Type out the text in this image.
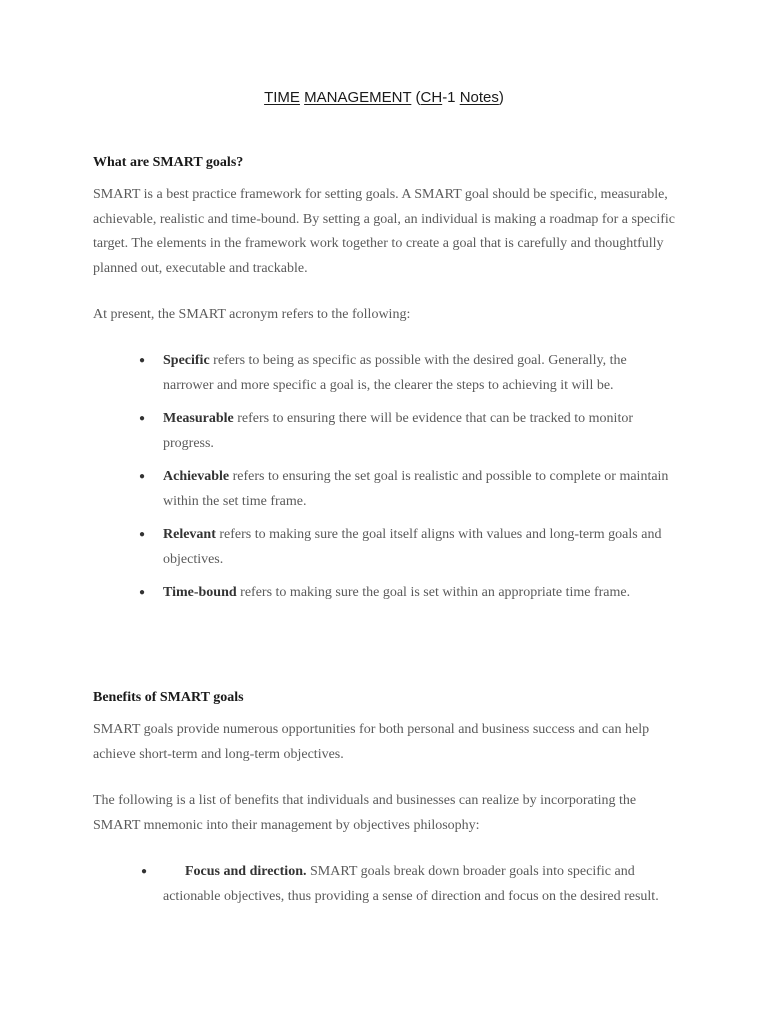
TIME MANAGEMENT (CH-1 Notes)
What are SMART goals?

SMART is a best practice framework for setting goals. A SMART goal should be specific, measurable, achievable, realistic and time-bound. By setting a goal, an individual is making a roadmap for a specific target. The elements in the framework work together to create a goal that is carefully and thoughtfully planned out, executable and trackable.

At present, the SMART acronym refers to the following:

● Specific refers to being as specific as possible with the desired goal. Generally, the narrower and more specific a goal is, the clearer the steps to achieving it will be.
● Measurable refers to ensuring there will be evidence that can be tracked to monitor progress.
● Achievable refers to ensuring the set goal is realistic and possible to complete or maintain within the set time frame.
● Relevant refers to making sure the goal itself aligns with values and long-term goals and objectives.
● Time-bound refers to making sure the goal is set within an appropriate time frame.
Benefits of SMART goals

SMART goals provide numerous opportunities for both personal and business success and can help achieve short-term and long-term objectives.

The following is a list of benefits that individuals and businesses can realize by incorporating the SMART mnemonic into their management by objectives philosophy:

●	Focus and direction. SMART goals break down broader goals into specific and actionable objectives, thus providing a sense of direction and focus on the desired result.
